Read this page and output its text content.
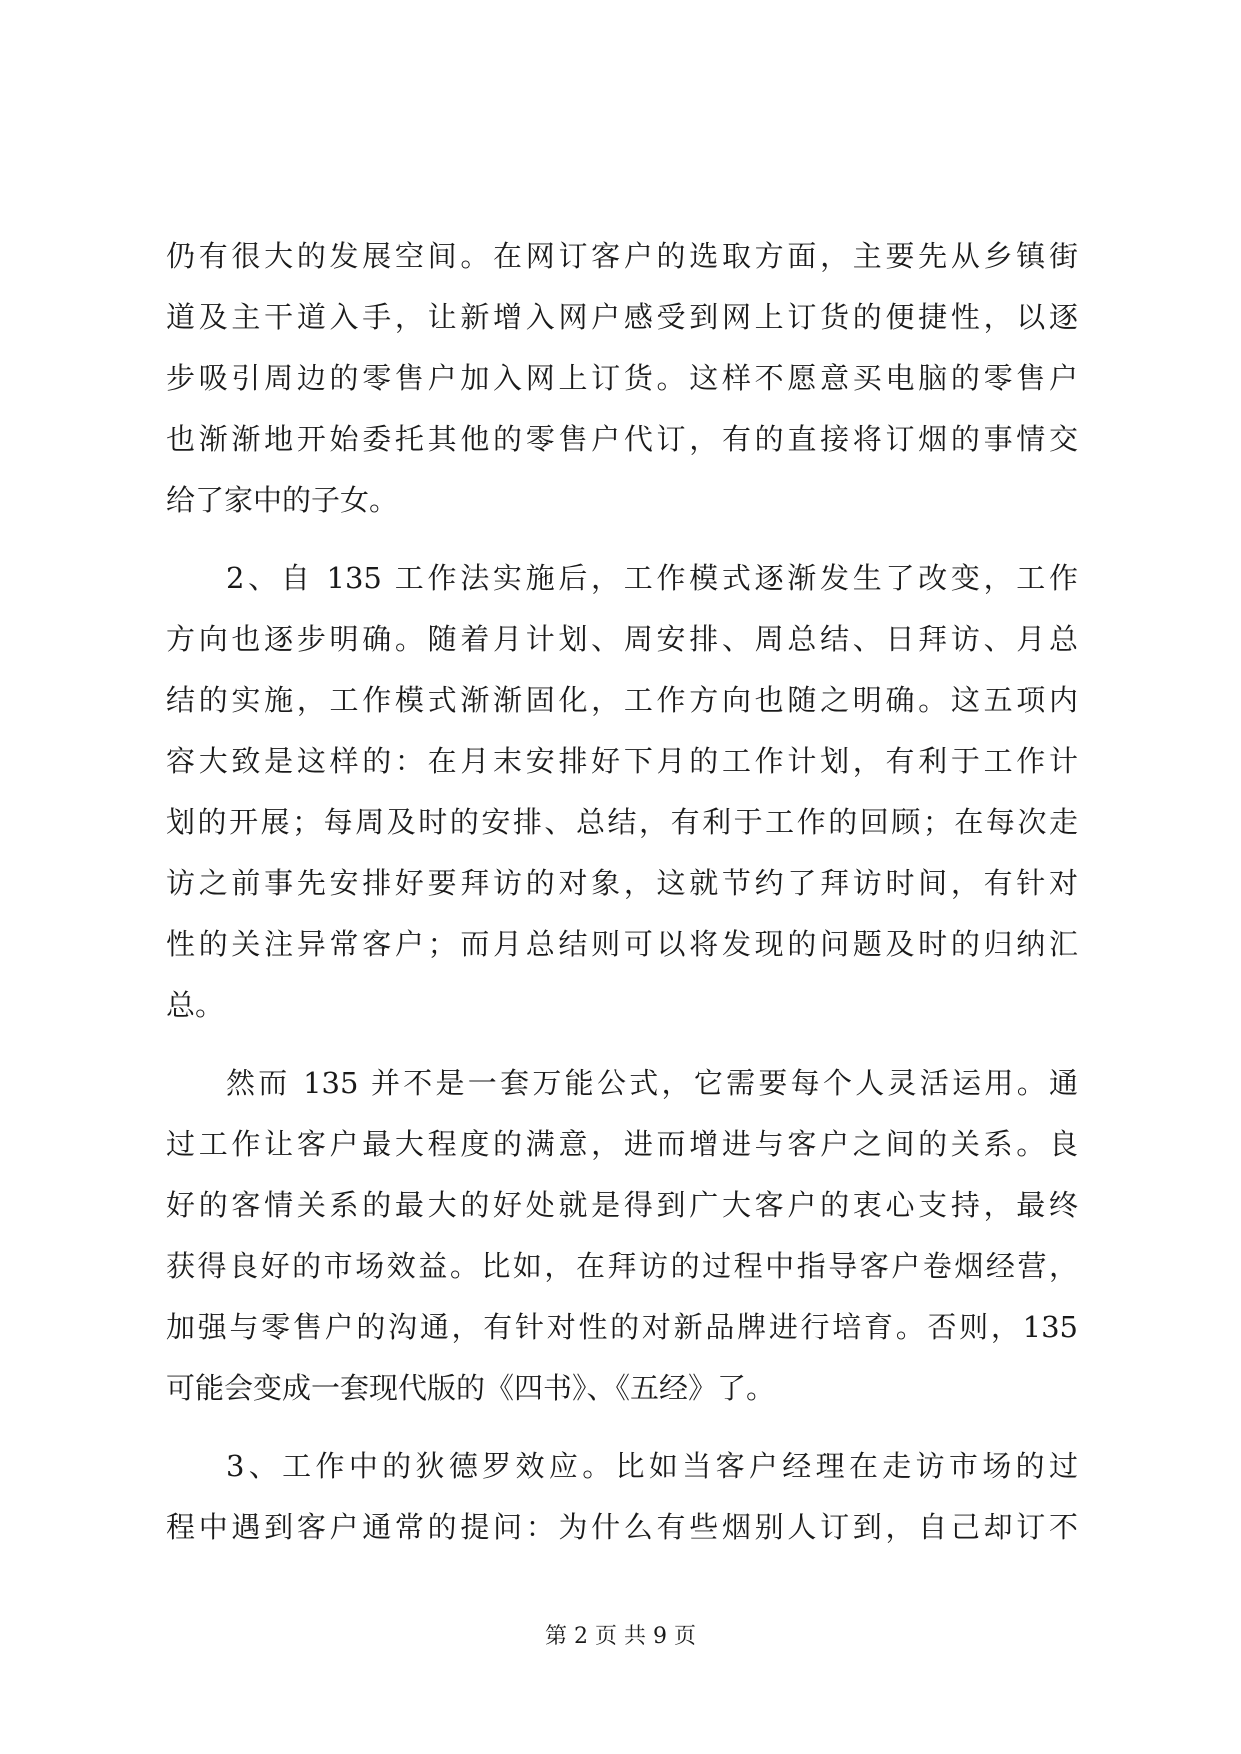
仍有很大的发展空间。在网订客户的选取方面，主要先从乡镇街
道及主干道入手，让新增入网户感受到网上订货的便捷性，以逐
步吸引周边的零售户加入网上订货。这样不愿意买电脑的零售户
也渐渐地开始委托其他的零售户代订，有的直接将订烟的事情交
给了家中的子女。
2、自 135 工作法实施后，工作模式逐渐发生了改变，工作
方向也逐步明确。随着月计划、周安排、周总结、日拜访、月总
结的实施，工作模式渐渐固化，工作方向也随之明确。这五项内
容大致是这样的：在月末安排好下月的工作计划，有利于工作计
划的开展；每周及时的安排、总结，有利于工作的回顾；在每次走
访之前事先安排好要拜访的对象，这就节约了拜访时间，有针对
性的关注异常客户；而月总结则可以将发现的问题及时的归纳汇
总。
然而 135 并不是一套万能公式，它需要每个人灵活运用。通
过工作让客户最大程度的满意，进而增进与客户之间的关系。良
好的客情关系的最大的好处就是得到广大客户的衷心支持，最终
获得良好的市场效益。比如，在拜访的过程中指导客户卷烟经营，
加强与零售户的沟通，有针对性的对新品牌进行培育。否则，135
可能会变成一套现代版的《四书》、《五经》了。
3、工作中的狄德罗效应。比如当客户经理在走访市场的过
程中遇到客户通常的提问：为什么有些烟别人订到，自己却订不
第 2 页 共 9 页
